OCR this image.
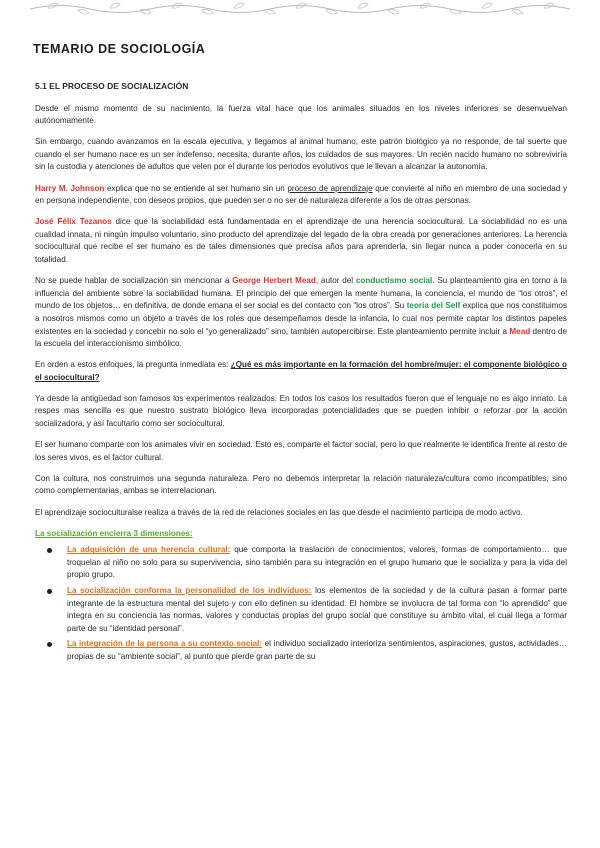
TEMARIO DE SOCIOLOGÍA

5.1 EL PROCESO DE SOCIALIZACIÓN

Desde el mismo momento de su nacimiento, la fuerza vital hace que los animales situados en los niveles inferiores se desenvuelvan autónomamente.

Sin embargo, cuando avanzamos en la escala ejecutiva, y llegamos al animal humano, este patrón biológico ya no responde, de tal suerte que cuando el ser humano nace es un ser indefenso, necesita, durante años, los cuidados de sus mayores. Un recién nacido humano no sobreviviría sin la custodia y atenciones de adultos que velen por el durante los periodos evolutivos que le llevan a alcanzar la autonomía.

Harry M. Johnson explica que no se entiende al ser humano sin un proceso de aprendizaje que convierte al niño en miembro de una sociedad y en persona independiente, con deseos propios, que pueden ser o no ser de naturaleza diferente a los de otras personas.

José Félix Tezanos dice que la sociabilidad está fundamentada en el aprendizaje de una herencia sociocultural. La sociabilidad no es una cualidad innata, ni ningún impulso voluntario, sino producto del aprendizaje del legado de la obra creada por generaciones anteriores. La herencia sociocultural que recibe el ser humano es de tales dimensiones que precisa años para aprenderla, sin llegar nunca a poder conocerla en su totalidad.

No se puede hablar de socialización sin mencionar a George Herbert Mead, autor del conductismo social. Su planteamiento gira en torno a la influencia del ambiente sobre la sociabilidad humana. El principio del que emergen la mente humana, la conciencia, el mundo de “los otros”, el mundo de los objetos… en definitiva, de donde emana el ser social es del contacto con “los otros”. Su teoría del Self explica que nos constituimos a nosotros mismos como un objeto a través de los roles que desempeñamos desde la infancia, lo cual nos permite captar los distintos papeles existentes en la sociedad y concebir no solo el “yo generalizado” sino, también autopercibirse. Este planteamiento permite incluir a Mead dentro de la escuela del interaccionismo simbólico.

En orden a estos enfoques, la pregunta inmediata es: ¿Qué es más importante en la formación del hombre/mujer: el componente biológico o el sociocultural?

Ya desde la antigüedad son famosos los experimentos realizados. En todos los casos los resultados fueron que el lenguaje no es algo innato. La respes mas sencilla es que nuestro sustrato biológico lleva incorporadas potencialidades que se pueden inhibir o reforzar por la acción socializadora, y así facultarlo como ser sociocultural.

El ser humano comparte con los animales vivir en sociedad. Esto es, comparte el factor social, pero lo que realmente le identifica frente al resto de los seres vivos, es el factor cultural.

Con la cultura, nos construimos una segunda naturaleza. Pero no debemos interpretar la relación naturaleza/cultura como incompatibles, sino como complementarias, ambas se interrelacionan.

El aprendizaje socioculturalse realiza a través de la red de relaciones sociales en las que desde el nacimiento participa de modo activo.

La socialización encierra 3 dimensiones:

La adquisición de una herencia cultural: que comporta la traslación de conocimientos, valores, formas de comportamiento… que troquelan al niño no solo para su supervivencia, sino también para su integración en el grupo humano que le socializa y para la vida del propio grupo.
La socialización conforma la personalidad de los individuos: los elementos de la sociedad y de la cultura pasan a formar parte integrante de la estructura mental del sujeto y con ello definen su identidad. El hombre se involucra de tal forma con “lo aprendido” que integra en su conciencia las normas, valores y conductas propias del grupo social que constituye su ámbito vital, el cual llega a formar parte de su “identidad personal”.
La integración de la persona a su contexto social: el individuo socializado interioriza sentimientos, aspiraciones, gustos, actividades… propias de su “ambiente social”, al punto que pierde gran parte de su
